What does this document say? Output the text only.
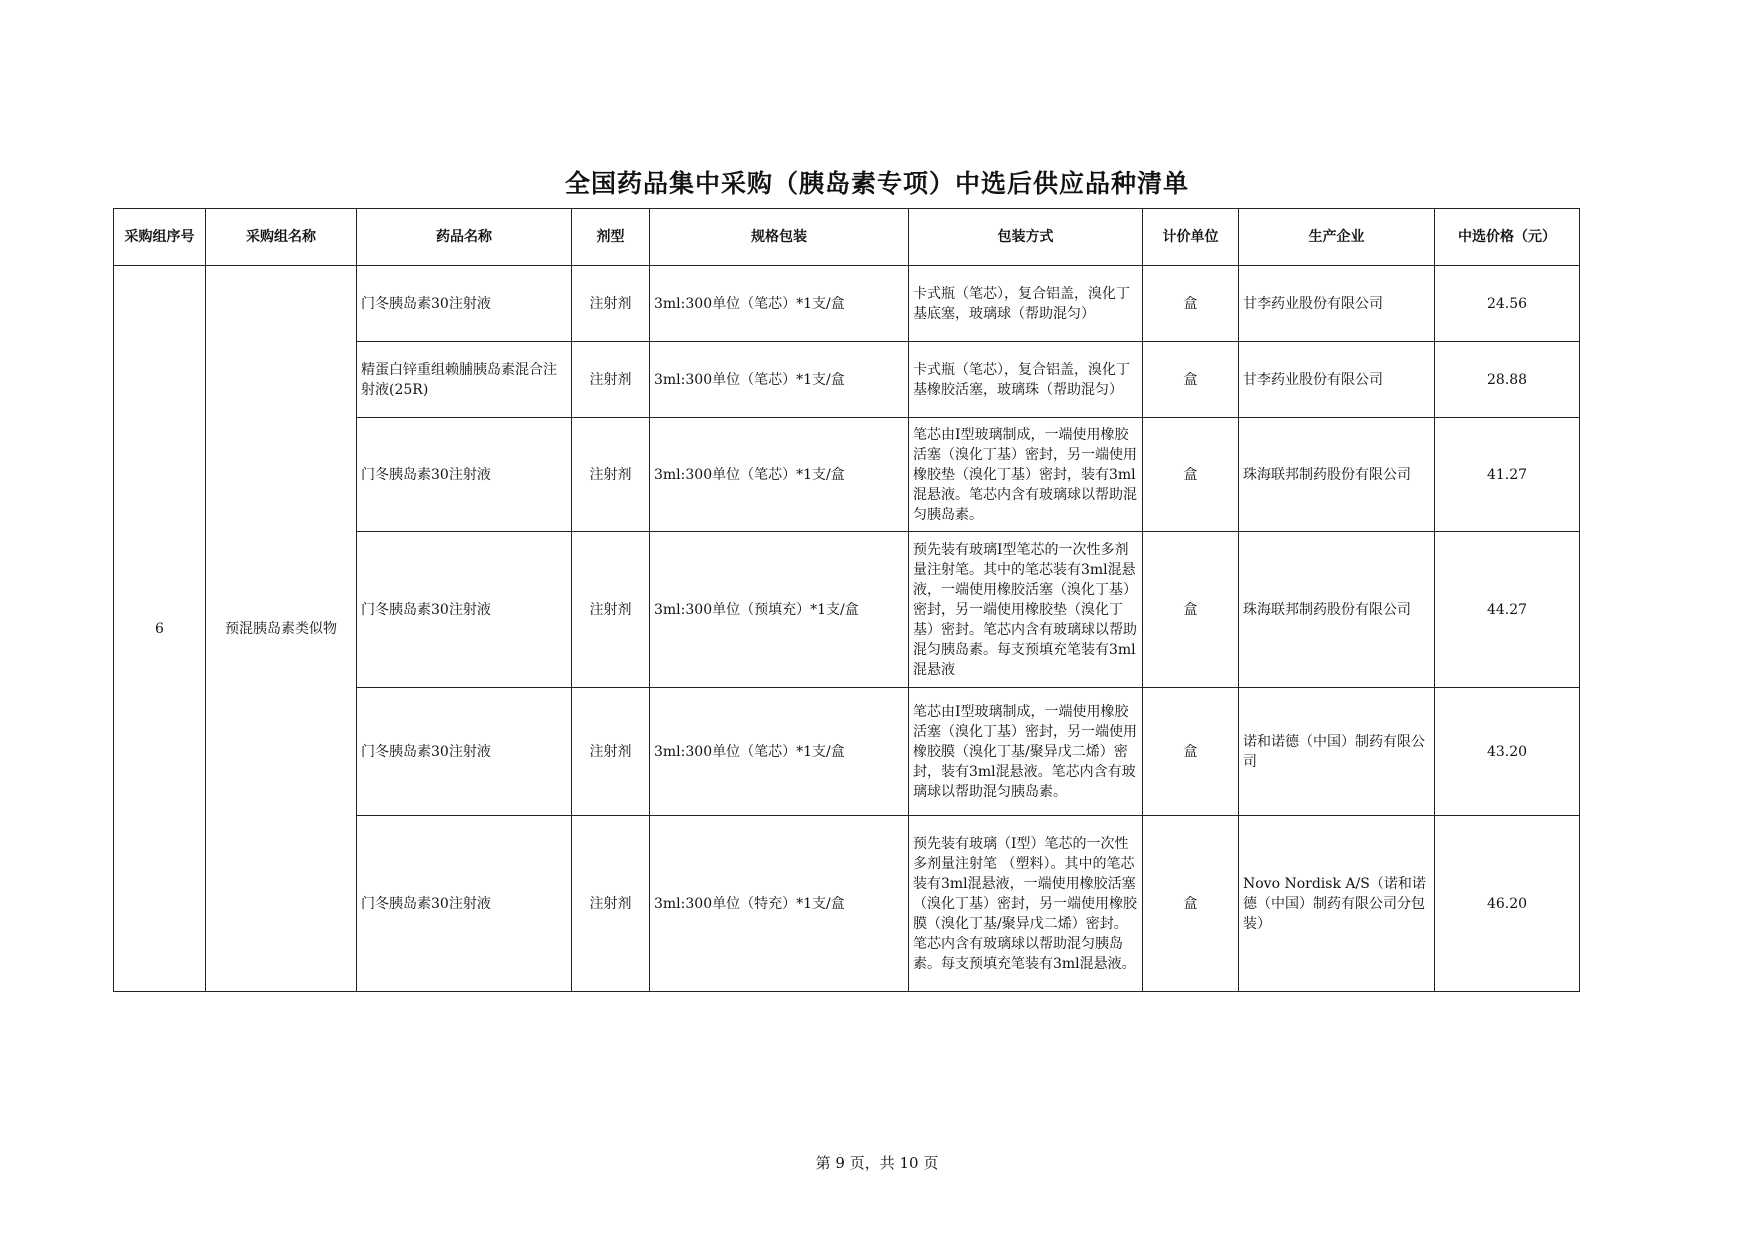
全国药品集中采购（胰岛素专项）中选后供应品种清单
采购组序号	采购组名称	药品名称	剂型	规格包装	包装方式	计价单位	生产企业	中选价格（元）
6	预混胰岛素类似物	门冬胰岛素30注射液	注射剂	3ml:300单位（笔芯）*1支/盒	卡式瓶（笔芯），复合铝盖，溴化丁基底塞，玻璃球（帮助混匀）	盒	甘李药业股份有限公司	24.56
		精蛋白锌重组赖脯胰岛素混合注射液(25R)	注射剂	3ml:300单位（笔芯）*1支/盒	卡式瓶（笔芯），复合铝盖，溴化丁基橡胶活塞，玻璃珠（帮助混匀）	盒	甘李药业股份有限公司	28.88
		门冬胰岛素30注射液	注射剂	3ml:300单位（笔芯）*1支/盒	笔芯由Ⅰ型玻璃制成，一端使用橡胶活塞（溴化丁基）密封，另一端使用橡胶垫（溴化丁基）密封，装有3ml混悬液。笔芯内含有玻璃球以帮助混匀胰岛素。	盒	珠海联邦制药股份有限公司	41.27
		门冬胰岛素30注射液	注射剂	3ml:300单位（预填充）*1支/盒	预先装有玻璃Ⅰ型笔芯的一次性多剂量注射笔。其中的笔芯装有3ml混悬液，一端使用橡胶活塞（溴化丁基）密封，另一端使用橡胶垫（溴化丁基）密封。笔芯内含有玻璃球以帮助混匀胰岛素。每支预填充笔装有3ml混悬液	盒	珠海联邦制药股份有限公司	44.27
		门冬胰岛素30注射液	注射剂	3ml:300单位（笔芯）*1支/盒	笔芯由Ⅰ型玻璃制成，一端使用橡胶活塞（溴化丁基）密封，另一端使用橡胶膜（溴化丁基/聚异戊二烯）密封，装有3ml混悬液。笔芯内含有玻璃球以帮助混匀胰岛素。	盒	诺和诺德（中国）制药有限公司	43.20
		门冬胰岛素30注射液	注射剂	3ml:300单位（特充）*1支/盒	预先装有玻璃（Ⅰ型）笔芯的一次性多剂量注射笔 （塑料）。其中的笔芯装有3ml混悬液，一端使用橡胶活塞（溴化丁基）密封，另一端使用橡胶膜（溴化丁基/聚异戊二烯）密封。笔芯内含有玻璃球以帮助混匀胰岛素。每支预填充笔装有3ml混悬液。	盒	Novo Nordisk A/S（诺和诺德（中国）制药有限公司分包装）	46.20
第 9 页，共 10 页
